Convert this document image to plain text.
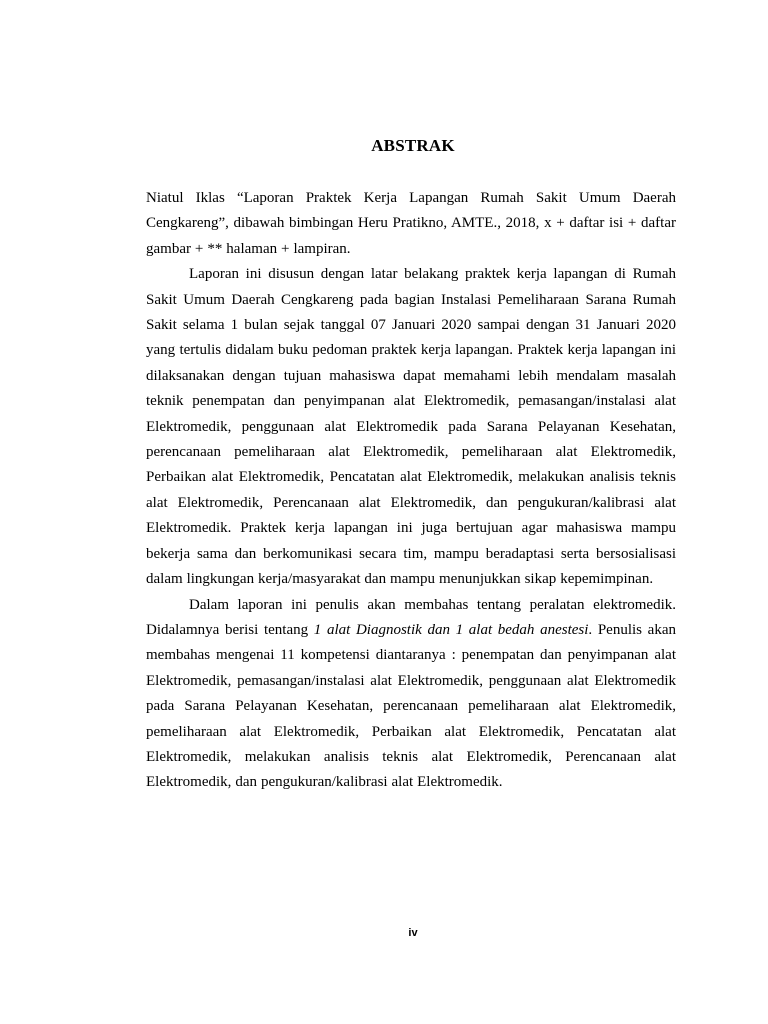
ABSTRAK

Niatul Iklas “Laporan Praktek Kerja Lapangan Rumah Sakit Umum Daerah Cengkareng”, dibawah bimbingan Heru Pratikno, AMTE., 2018, x + daftar isi + daftar gambar + ** halaman + lampiran.

Laporan ini disusun dengan latar belakang praktek kerja lapangan di Rumah Sakit Umum Daerah Cengkareng pada bagian Instalasi Pemeliharaan Sarana Rumah Sakit selama 1 bulan sejak tanggal 07 Januari 2020 sampai dengan 31 Januari 2020 yang tertulis didalam buku pedoman praktek kerja lapangan. Praktek kerja lapangan ini dilaksanakan dengan tujuan mahasiswa dapat memahami lebih mendalam masalah teknik penempatan dan penyimpanan alat Elektromedik, pemasangan/instalasi alat Elektromedik, penggunaan alat Elektromedik pada Sarana Pelayanan Kesehatan, perencanaan pemeliharaan alat Elektromedik, pemeliharaan alat Elektromedik, Perbaikan alat Elektromedik, Pencatatan alat Elektromedik, melakukan analisis teknis alat Elektromedik, Perencanaan alat Elektromedik, dan pengukuran/kalibrasi alat Elektromedik. Praktek kerja lapangan ini juga bertujuan agar mahasiswa mampu bekerja sama dan berkomunikasi secara tim, mampu beradaptasi serta bersosialisasi dalam lingkungan kerja/masyarakat dan mampu menunjukkan sikap kepemimpinan.

Dalam laporan ini penulis akan membahas tentang peralatan elektromedik. Didalamnya berisi tentang 1 alat Diagnostik dan 1 alat bedah anestesi. Penulis akan membahas mengenai 11 kompetensi diantaranya : penempatan dan penyimpanan alat Elektromedik, pemasangan/instalasi alat Elektromedik, penggunaan alat Elektromedik pada Sarana Pelayanan Kesehatan, perencanaan pemeliharaan alat Elektromedik, pemeliharaan alat Elektromedik, Perbaikan alat Elektromedik, Pencatatan alat Elektromedik, melakukan analisis teknis alat Elektromedik, Perencanaan alat Elektromedik, dan pengukuran/kalibrasi alat Elektromedik.

iv
